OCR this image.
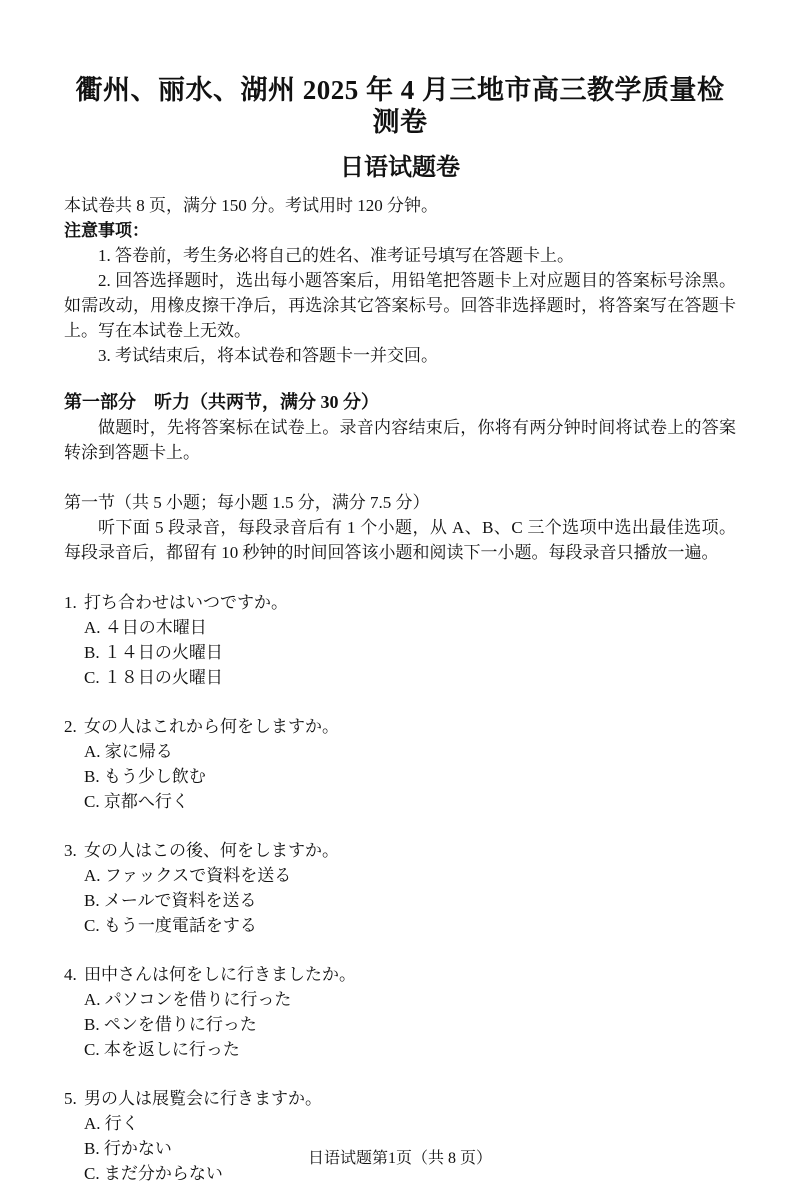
衢州、丽水、湖州 2025 年 4 月三地市高三教学质量检测卷
日语试题卷

本试卷共 8 页，满分 150 分。考试用时 120 分钟。

注意事项：

1. 答卷前，考生务必将自己的姓名、准考证号填写在答题卡上。

2. 回答选择题时，选出每小题答案后，用铅笔把答题卡上对应题目的答案标号涂黑。如需改动，用橡皮擦干净后，再选涂其它答案标号。回答非选择题时，将答案写在答题卡上。写在本试卷上无效。

3. 考试结束后，将本试卷和答题卡一并交回。

第一部分　听力（共两节，满分 30 分）

做题时，先将答案标在试卷上。录音内容结束后，你将有两分钟时间将试卷上的答案转涂到答题卡上。

第一节（共 5 小题；每小题 1.5 分，满分 7.5 分）

听下面 5 段录音，每段录音后有 1 个小题，从 A、B、C 三个选项中选出最佳选项。每段录音后，都留有 10 秒钟的时间回答该小题和阅读下一小题。每段录音只播放一遍。

1. 打ち合わせはいつですか。
A. ４日の木曜日
B. １４日の火曜日
C. １８日の火曜日
2. 女の人はこれから何をしますか。
A. 家に帰る
B. もう少し飲む
C. 京都へ行く
3. 女の人はこの後、何をしますか。
A. ファックスで資料を送る
B. メールで資料を送る
C. もう一度電話をする
4. 田中さんは何をしに行きましたか。
A. パソコンを借りに行った
B. ペンを借りに行った
C. 本を返しに行った
5. 男の人は展覧会に行きますか。
A. 行く
B. 行かない
C. まだ分からない
日语试题第1页（共 8 页）
